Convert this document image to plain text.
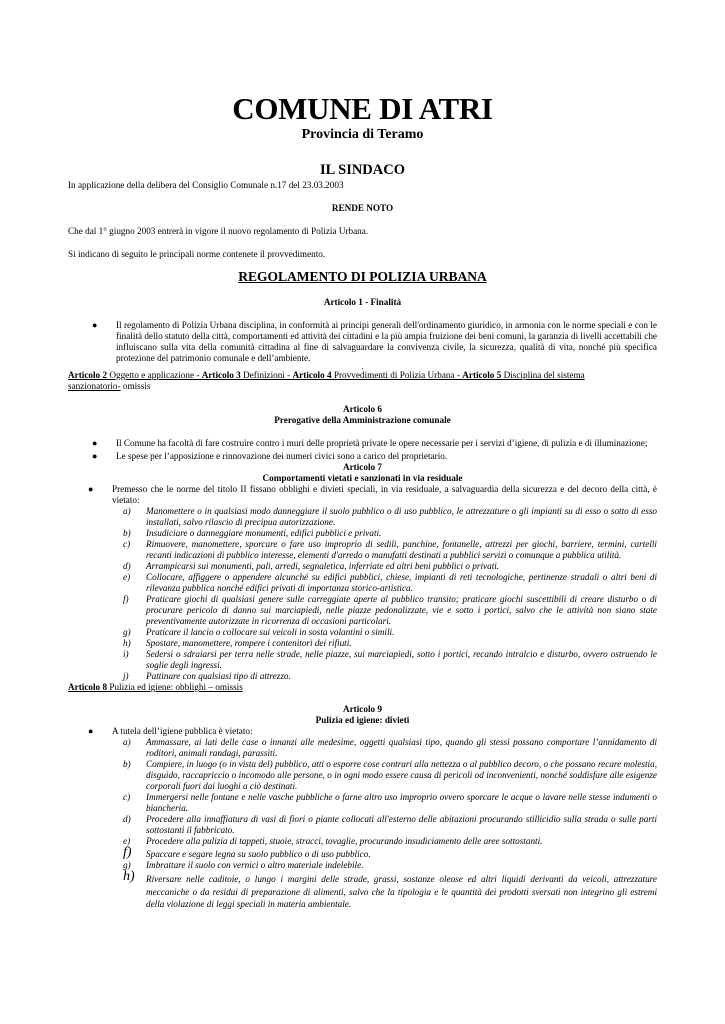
COMUNE DI ATRI
Provincia di Teramo
IL SINDACO
In applicazione della delibera del Consiglio Comunale n.17 del 23.03.2003
RENDE NOTO
Che dal 1° giugno 2003 entrerà in vigore il nuovo regolamento di Polizia Urbana.
Si indicano di seguito le principali norme contenete il provvedimento.
REGOLAMENTO DI POLIZIA URBANA
Articolo 1 - Finalità
● Il regolamento di Polizia Urbana disciplina, in conformità ai principi generali dell'ordinamento giuridico, in armonia con le norme speciali e con le finalità dello statuto della città, comportamenti ed attività dei cittadini e la più ampia fruizione dei beni comuni, la garanzia di livelli accettabili che influiscano sulla vita della comunità cittadina al fine di salvaguardare la convivenza civile, la sicurezza, qualità di vita, nonché più specifica protezione del patrimonio comunale e dell’ambiente.
.
Articolo 2 Oggetto e applicazione - Articolo 3 Definizioni - Articolo 4 Provvedimenti di Polizia Urbana - Articolo 5 Disciplina del sistema
sanzionatorio- omissis
Articolo 6
Prerogative della Amministrazione comunale
● Il Comune ha facoltà di fare costruire contro i muri delle proprietà private le opere necessarie per i servizi d’igiene, di pulizia e di illuminazione;
● Le spese per l’apposizione e rinnovazione dei numeri civici sono a carico del proprietario.
Articolo 7
Comportamenti vietati e sanzionati in via residuale
● Premesso che le norme del titolo II fissano obblighi e divieti speciali, in via residuale, a salvaguardia della sicurezza e del decoro della città, è vietato:
a) Manomettere o in qualsiasi modo danneggiare il suolo pubblico o di uso pubblico, le attrezzature o gli impianti su di esso o sotto di esso installati, salvo rilascio di precipua autorizzazione.
b) Insudiciare o danneggiare monumenti, edifici pubblici e privati.
c) Rimuovere, manomettere, sporcare o fare uso improprio di sedili, panchine, fontanelle, attrezzi per giochi, barriere, termini, cartelli recanti indicazioni di pubblico interesse, elementi d'arredo o manufatti destinati a pubblici servizi o comunque a pubblica utilità.
d) Arrampicarsi sui monumenti, pali, arredi, segnaletica, inferriate ed altri beni pubblici o privati.
e) Collocare, affiggere o appendere alcunché su edifici pubblici, chiese, impianti di reti tecnologiche, pertinenze stradali o altri beni di rilevanza pubblica nonché edifici privati di importanza storico-artistica.
f) Praticare giochi di qualsiasi genere sulle carreggiate aperte al pubblico transito; praticare giochi suscettibili di creare disturbo o di procurare pericolo di danno sui marciapiedi, nelle piazze pedonalizzate, vie e sotto i portici, salvo che le attività non siano state preventivamente autorizzate in ricorrenza di occasioni particolari.
g) Praticare il lancio o collocare sui veicoli in sosta volantini o simili.
h) Spostare, manomettere, rompere i contenitori dei rifiuti.
i) Sedersi o sdraiarsi per terra nelle strade, nelle piazze, sui marciapiedi, sotto i portici, recando intralcio e disturbo, ovvero ostruendo le soglie degli ingressi.
j) Pattinare con qualsiasi tipo di attrezzo.
Articolo 8 Pulizia ed igiene: obblighi – omissis
Articolo 9
Pulizia ed igiene: divieti
● A tutela dell’igiene pubblica è vietato:
a) Ammassare, ai lati delle case o innanzi alle medesime, oggetti qualsiasi tipo, quando gli stessi possano comportare l’annidamento di roditori, animali randagi, parassiti.
b) Compiere, in luogo (o in vista del) pubblico, atti o esporre cose contrari alla nettezza o al pubblico decoro, o che possano recare molestia, disguido, raccapriccio o incomodo alle persone, o in ogni modo essere causa di pericoli od inconvenienti, nonché soddisfare alle esigenze corporali fuori dai luoghi a ciò destinati.
c) Immergersi nelle fontane e nelle vasche pubbliche o farne altro uso improprio ovvero sporcare le acque o lavare nelle stesse indumenti o biancheria.
d) Procedere alla innaffiatura di vasi di fiori o piante collocati all'esterno delle abitazioni procurando stillicidio sulla strada o sulle parti sottostanti il fabbricato.
e) Procedere alla pulizia di tappeti, stuoie, stracci, tovaglie, procurando insudiciamento delle aree sottostanti.
f) Spaccare e segare legna su suolo pubblico o di uso pubblico.
g) Imbrattare il suolo con vernici o altro materiale indelebile.
h) Riversare nelle caditoie, o lungo i margini delle strade, grassi, sostanze oleose ed altri liquidi derivanti da veicoli, attrezzature meccaniche o da residui di preparazione di alimenti, salvo che la tipologia e le quantità dei prodotti sversati non integrino gli estremi della violazione di leggi speciali in materia ambientale.
